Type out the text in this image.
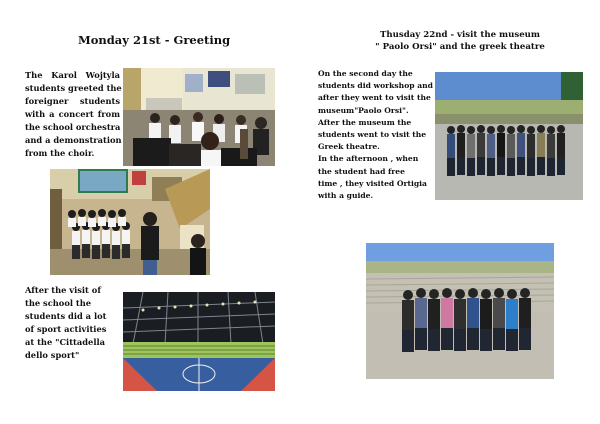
Monday 21st - Greeting	Thusday 22nd - visit the museum
" Paolo Orsi" and the greek theatre
The Karol Wojtyla
students greeted the
foreigner students
with a concert from
the school orchestra
and a demonstration
from the choir.
After the visit of
the school the
students did a lot
of sport activities
at the "Cittadella
dello sport"
On the second day the
students did workshop and
after they went to visit the
museum"Paolo Orsi".
After the museum the
students went to visit the
Greek theatre.
In the afternoon , when
the student had free
time , they visited Ortigia
with a guide.
